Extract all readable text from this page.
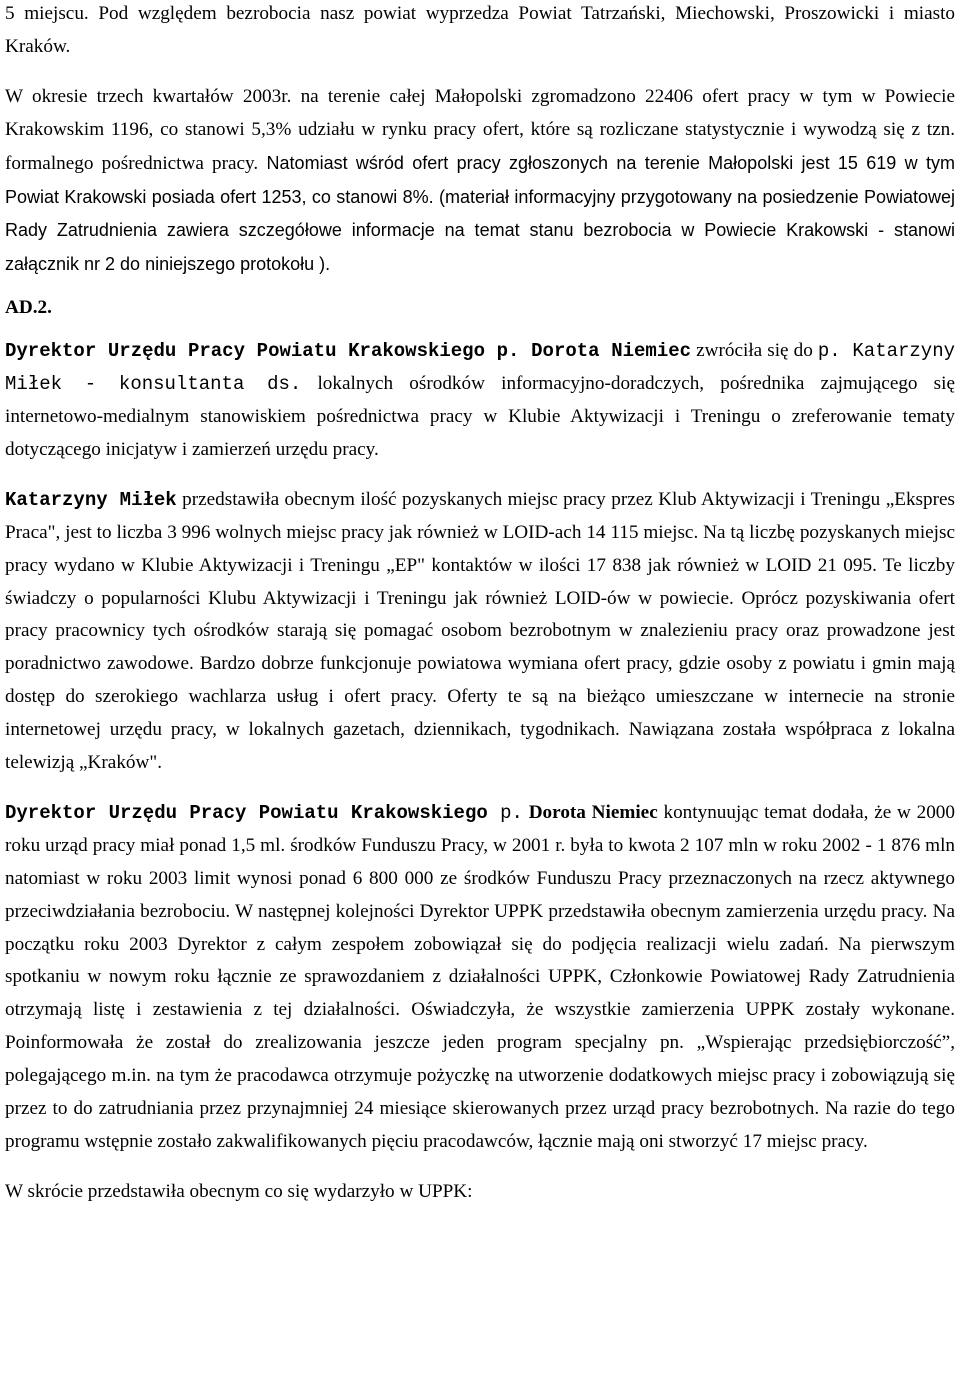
5 miejscu. Pod względem bezrobocia nasz powiat wyprzedza Powiat Tatrzański, Miechowski, Proszowicki i miasto Kraków.

W okresie trzech kwartałów 2003r. na terenie całej Małopolski zgromadzono 22406 ofert pracy w tym w Powiecie Krakowskim 1196, co stanowi 5,3% udziału w rynku pracy ofert, które są rozliczane statystycznie i wywodzą się z tzn. formalnego pośrednictwa pracy. Natomiast wśród ofert pracy zgłoszonych na terenie Małopolski jest 15 619 w tym Powiat Krakowski posiada ofert 1253, co stanowi 8%. (materiał informacyjny przygotowany na posiedzenie Powiatowej Rady Zatrudnienia zawiera szczegółowe informacje na temat stanu bezrobocia w Powiecie Krakowski - stanowi załącznik nr 2 do niniejszego protokołu ).

AD.2.

Dyrektor Urzędu Pracy Powiatu Krakowskiego p. Dorota Niemiec zwróciła się do p. Katarzyny Miłek - konsultanta ds. lokalnych ośrodków informacyjno-doradczych, pośrednika zajmującego się internetowo-medialnym stanowiskiem pośrednictwa pracy w Klubie Aktywizacji i Treningu o zreferowanie tematy dotyczącego inicjatyw i zamierzeń urzędu pracy.

Katarzyny Miłek przedstawiła obecnym ilość pozyskanych miejsc pracy przez Klub Aktywizacji i Treningu „Ekspres Praca", jest to liczba 3 996 wolnych miejsc pracy jak również w LOID-ach 14 115 miejsc. Na tą liczbę pozyskanych miejsc pracy wydano w Klubie Aktywizacji i Treningu „EP" kontaktów w ilości 17 838 jak również w LOID 21 095. Te liczby świadczy o popularności Klubu Aktywizacji i Treningu jak również LOID-ów w powiecie. Oprócz pozyskiwania ofert pracy pracownicy tych ośrodków starają się pomagać osobom bezrobotnym w znalezieniu pracy oraz prowadzone jest poradnictwo zawodowe. Bardzo dobrze funkcjonuje powiatowa wymiana ofert pracy, gdzie osoby z powiatu i gmin mają dostęp do szerokiego wachlarza usług i ofert pracy. Oferty te są na bieżąco umieszczane w internecie na stronie internetowej urzędu pracy, w lokalnych gazetach, dziennikach, tygodnikach. Nawiązana została współpraca z lokalna telewizją „Kraków".

Dyrektor Urzędu Pracy Powiatu Krakowskiego p. Dorota Niemiec kontynuując temat dodała, że w 2000 roku urząd pracy miał ponad 1,5 ml. środków Funduszu Pracy, w 2001 r. była to kwota 2 107 mln w roku 2002 - 1 876 mln natomiast w roku 2003 limit wynosi ponad 6 800 000 ze środków Funduszu Pracy przeznaczonych na rzecz aktywnego przeciwdziałania bezrobociu. W następnej kolejności Dyrektor UPPK przedstawiła obecnym zamierzenia urzędu pracy. Na początku roku 2003 Dyrektor z całym zespołem zobowiązał się do podjęcia realizacji wielu zadań. Na pierwszym spotkaniu w nowym roku łącznie ze sprawozdaniem z działalności UPPK, Członkowie Powiatowej Rady Zatrudnienia otrzymają listę i zestawienia z tej działalności. Oświadczyła, że wszystkie zamierzenia UPPK zostały wykonane. Poinformowała że został do zrealizowania jeszcze jeden program specjalny pn. „Wspierając przedsiębiorczość”, polegającego m.in. na tym że pracodawca otrzymuje pożyczkę na utworzenie dodatkowych miejsc pracy i zobowiązują się przez to do zatrudniania przez przynajmniej 24 miesiące skierowanych przez urząd pracy bezrobotnych. Na razie do tego programu wstępnie zostało zakwalifikowanych pięciu pracodawców, łącznie mają oni stworzyć 17 miejsc pracy.

W skrócie przedstawiła obecnym co się wydarzyło w UPPK:
